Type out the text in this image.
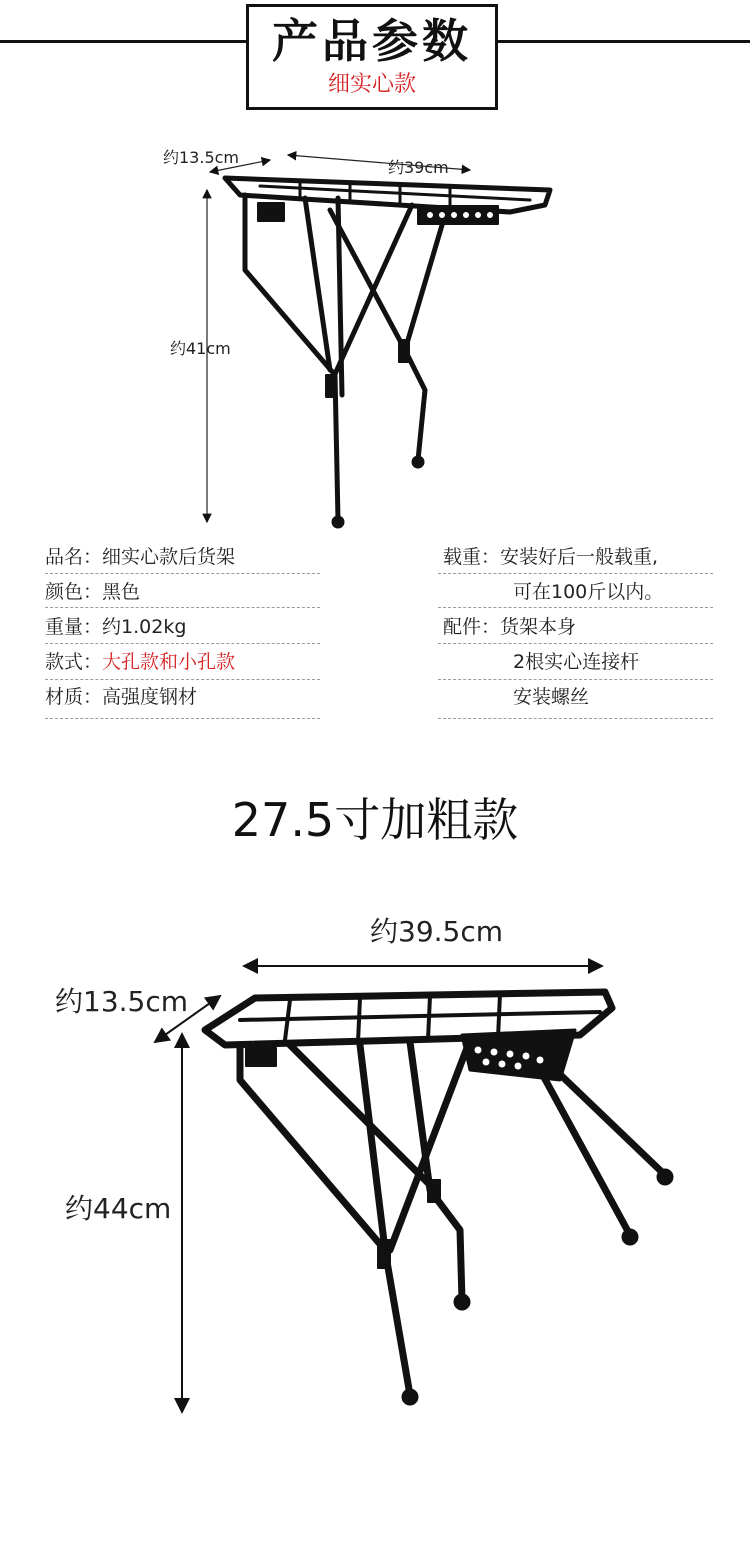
产品参数
细实心款
约13.5cm
约39cm
约41cm
品名：细实心款后货架
颜色：黑色
重量：约1.02kg
款式：大孔款和小孔款
材质：高强度钢材
载重：安装好后一般载重,
可在100斤以内。
配件：货架本身
2根实心连接杆
安装螺丝
27.5寸加粗款
约39.5cm
约13.5cm
约44cm
